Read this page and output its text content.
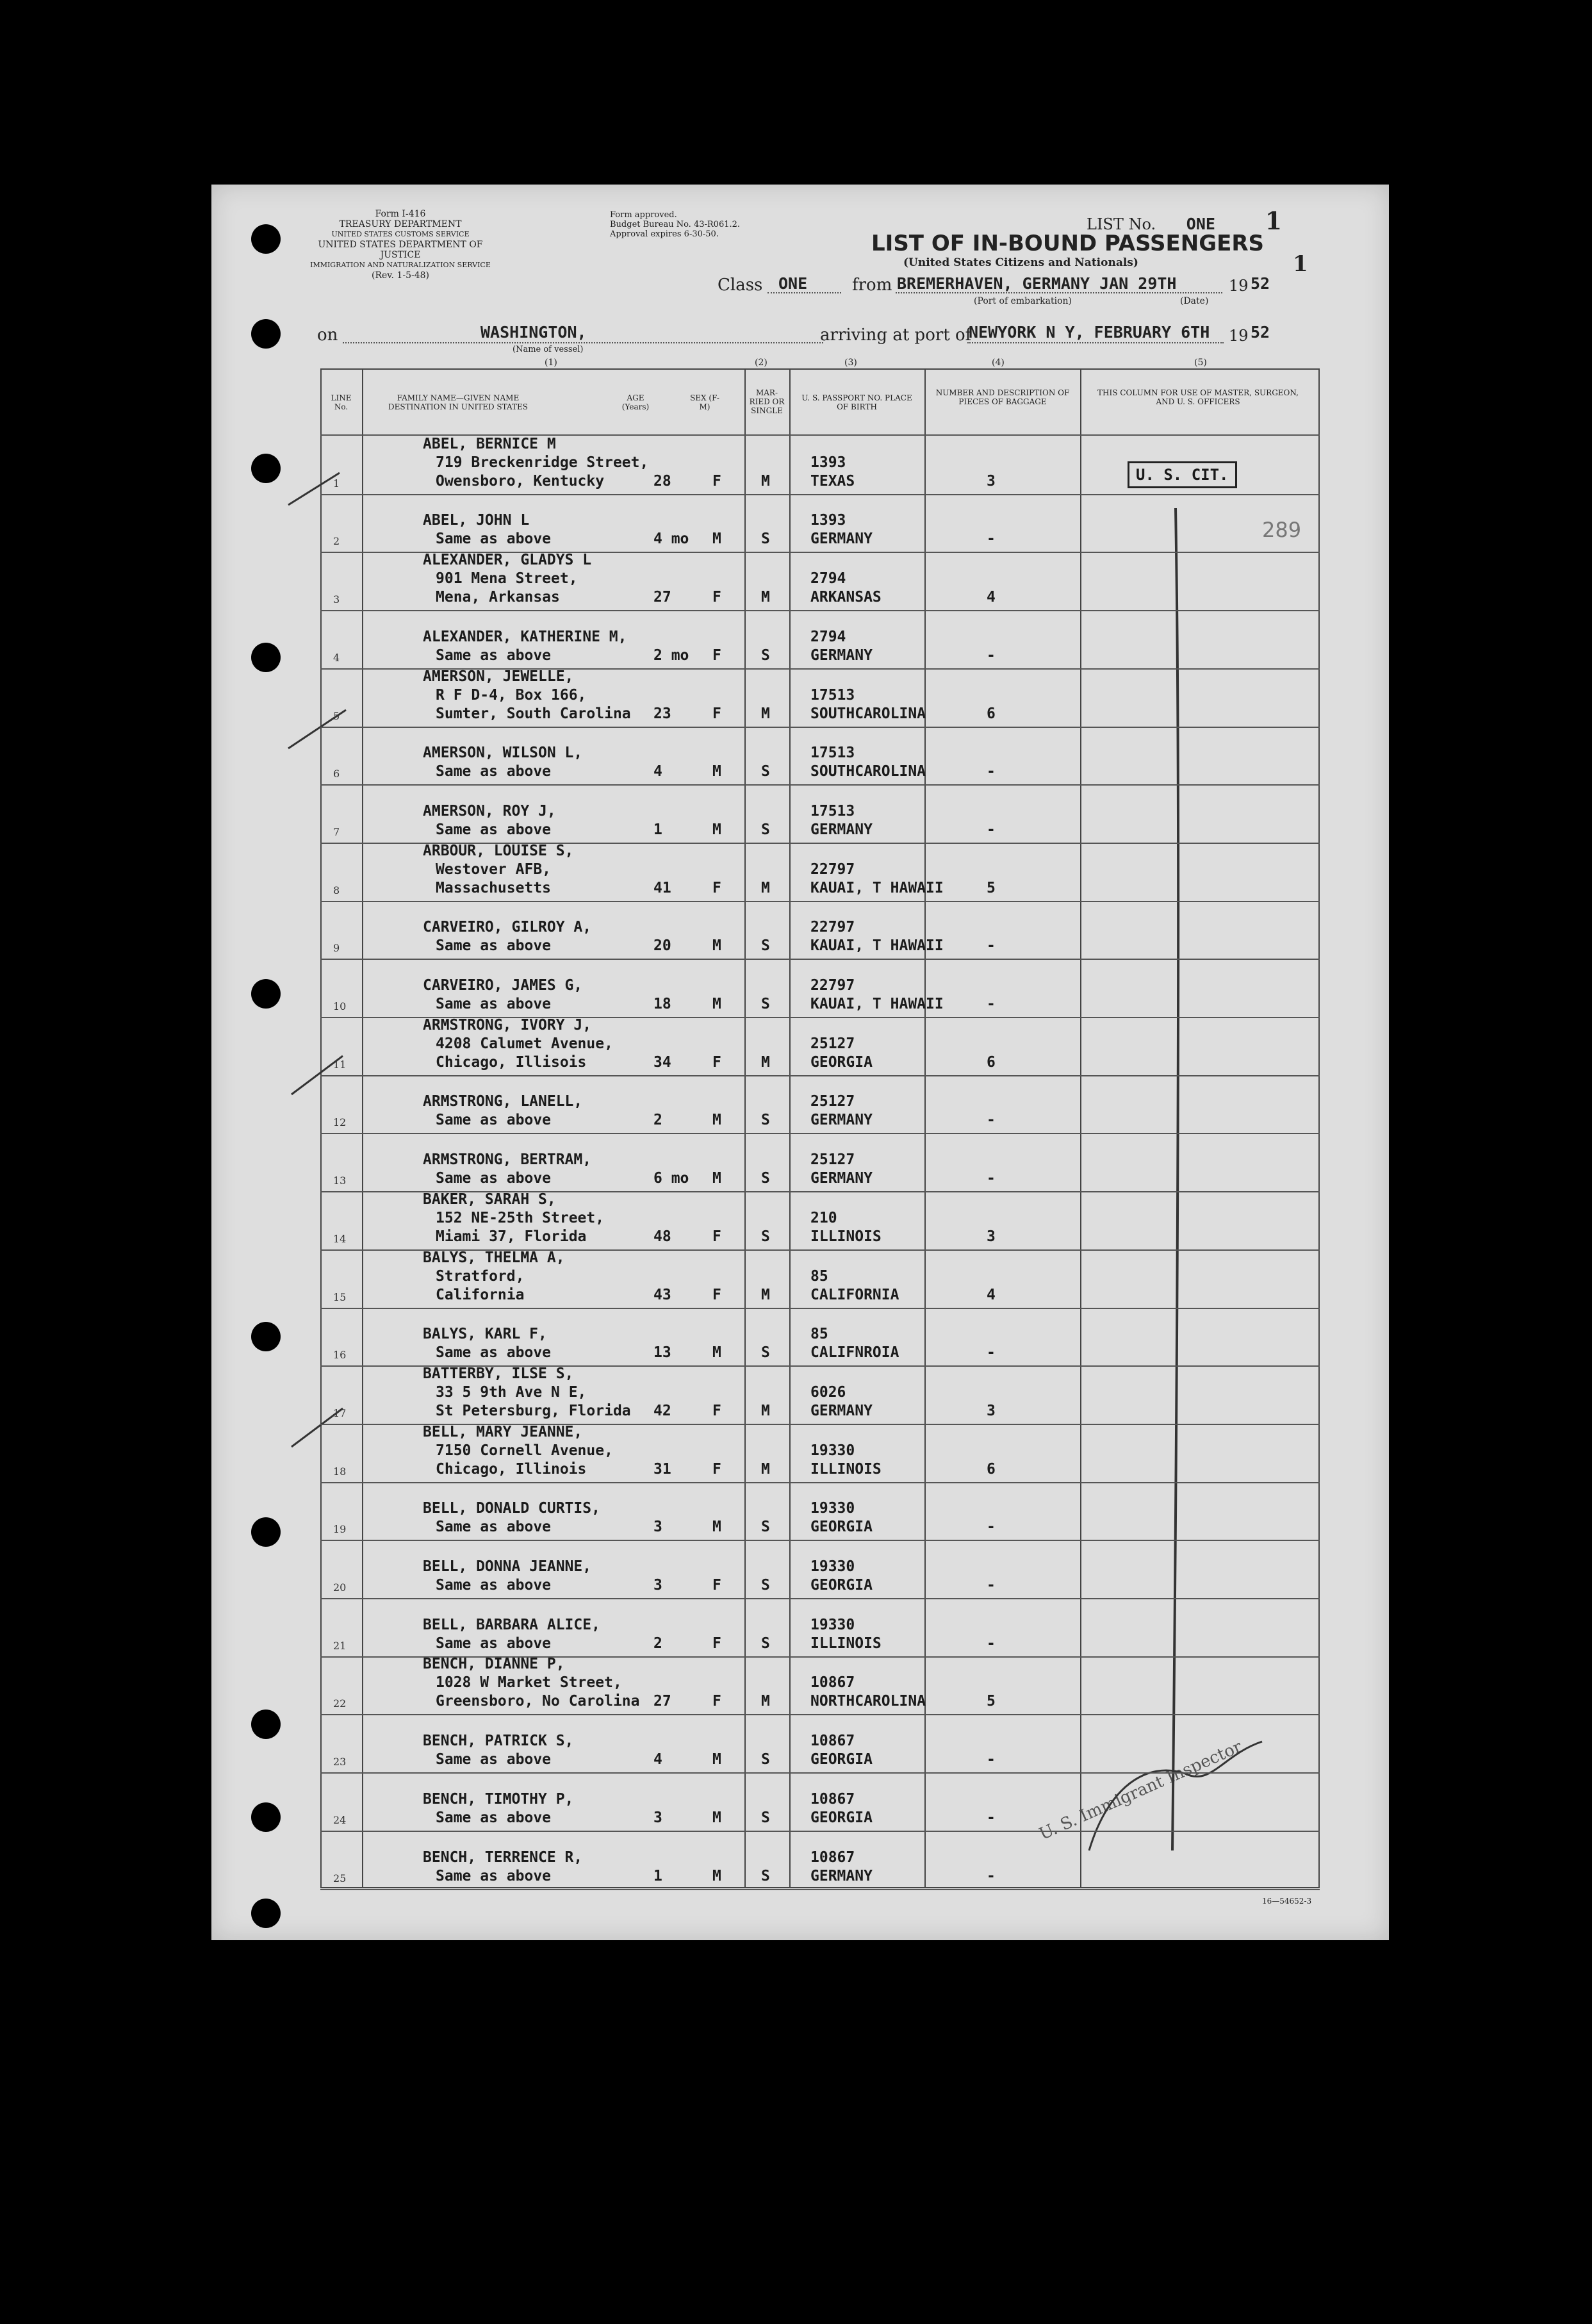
Form I-416
TREASURY DEPARTMENT
UNITED STATES CUSTOMS SERVICE
UNITED STATES DEPARTMENT OF JUSTICE
IMMIGRATION AND NATURALIZATION SERVICE
(Rev. 1-5-48)
Form approved.
Budget Bureau No. 43-R061.2.
Approval expires 6-30-50.
LIST No. ONE 1
LIST OF IN-BOUND PASSENGERS
(United States Citizens and Nationals)
Class ONE	from BREMERHAVEN, GERMANY JAN 29TH	19 52
1
(Port of embarkation)	(Date)
on	WASHINGTON,
(Name of vessel)
arriving at port of
NEWYORK N Y, FEBRUARY 6TH 19 52
(1)	(2)	(3)	(4)	(5)
LINE No.
FAMILY NAME—GIVEN NAME DESTINATION IN UNITED STATES
AGE (Years)
SEX (F-M)
MAR-RIED OR SINGLE
U. S. PASSPORT NO. PLACE OF BIRTH
NUMBER AND DESCRIPTION OF PIECES OF BAGGAGE
THIS COLUMN FOR USE OF MASTER, SURGEON, AND U. S. OFFICERS
U. S. CIT.
289
U. S. Immigrant Inspector
16—54652-3
1
ABEL, BERNICE M
719 Breckenridge Street,
Owensboro, Kentucky	28	F	M
1393
TEXAS	3
2
ABEL, JOHN L
Same as above	4 mo M	S
1393
GERMANY	-
3
ALEXANDER, GLADYS L
901 Mena Street,
Mena, Arkansas	27	F	M
2794
ARKANSAS	4
4
ALEXANDER, KATHERINE M,
Same as above	2 mo F	S
2794
GERMANY	-
5
AMERSON, JEWELLE,
R F D-4, Box 166,
Sumter, South Carolina 23	F	M
17513
SOUTHCAROLINA	6
6
AMERSON, WILSON L,
Same as above	4	M	S
17513
SOUTHCAROLINA	-
7
AMERSON, ROY J,
Same as above	1	M	S
17513
GERMANY	-
8
ARBOUR, LOUISE S,
Westover AFB,
Massachusetts	41	F	M
22797
KAUAI, T HAWAII	5
9
CARVEIRO, GILROY A,
Same as above	20	M	S
22797
KAUAI, T HAWAII	-
10
CARVEIRO, JAMES G,
Same as above	18	M	S
22797
KAUAI, T HAWAII	-
11
ARMSTRONG, IVORY J,
4208 Calumet Avenue,
Chicago, Illisois	34	F	M
25127
GEORGIA	6
12
ARMSTRONG, LANELL,
Same as above	2	M	S
25127
GERMANY	-
13
ARMSTRONG, BERTRAM,
Same as above	6 mo M	S
25127
GERMANY	-
14
BAKER, SARAH S,
152 NE-25th Street,
Miami 37, Florida	48	F	S
210
ILLINOIS	3
15
BALYS, THELMA A,
Stratford,
California	43	F	M
85
CALIFORNIA	4
16
BALYS, KARL F,
Same as above	13	M	S
85
CALIFNROIA	-
17
BATTERBY, ILSE S,
33 5 9th Ave N E,
St Petersburg, Florida 42	F	M
6026
GERMANY	3
18
BELL, MARY JEANNE,
7150 Cornell Avenue,
Chicago, Illinois	31	F	M
19330
ILLINOIS	6
19
BELL, DONALD CURTIS,
Same as above	3	M	S
19330
GEORGIA	-
20
BELL, DONNA JEANNE,
Same as above	3	F	S
19330
GEORGIA	-
21
BELL, BARBARA ALICE,
Same as above	2	F	S
19330
ILLINOIS	-
22
BENCH, DIANNE P,
1028 W Market Street,
Greensboro, No Carolina 27	F	M
10867
NORTHCAROLINA	5
23
BENCH, PATRICK S,
Same as above	4	M	S
10867
GEORGIA	-
24
BENCH, TIMOTHY P,
Same as above	3	M	S
10867
GEORGIA	-
25
BENCH, TERRENCE R,
Same as above	1	M	S
10867
GERMANY	-
